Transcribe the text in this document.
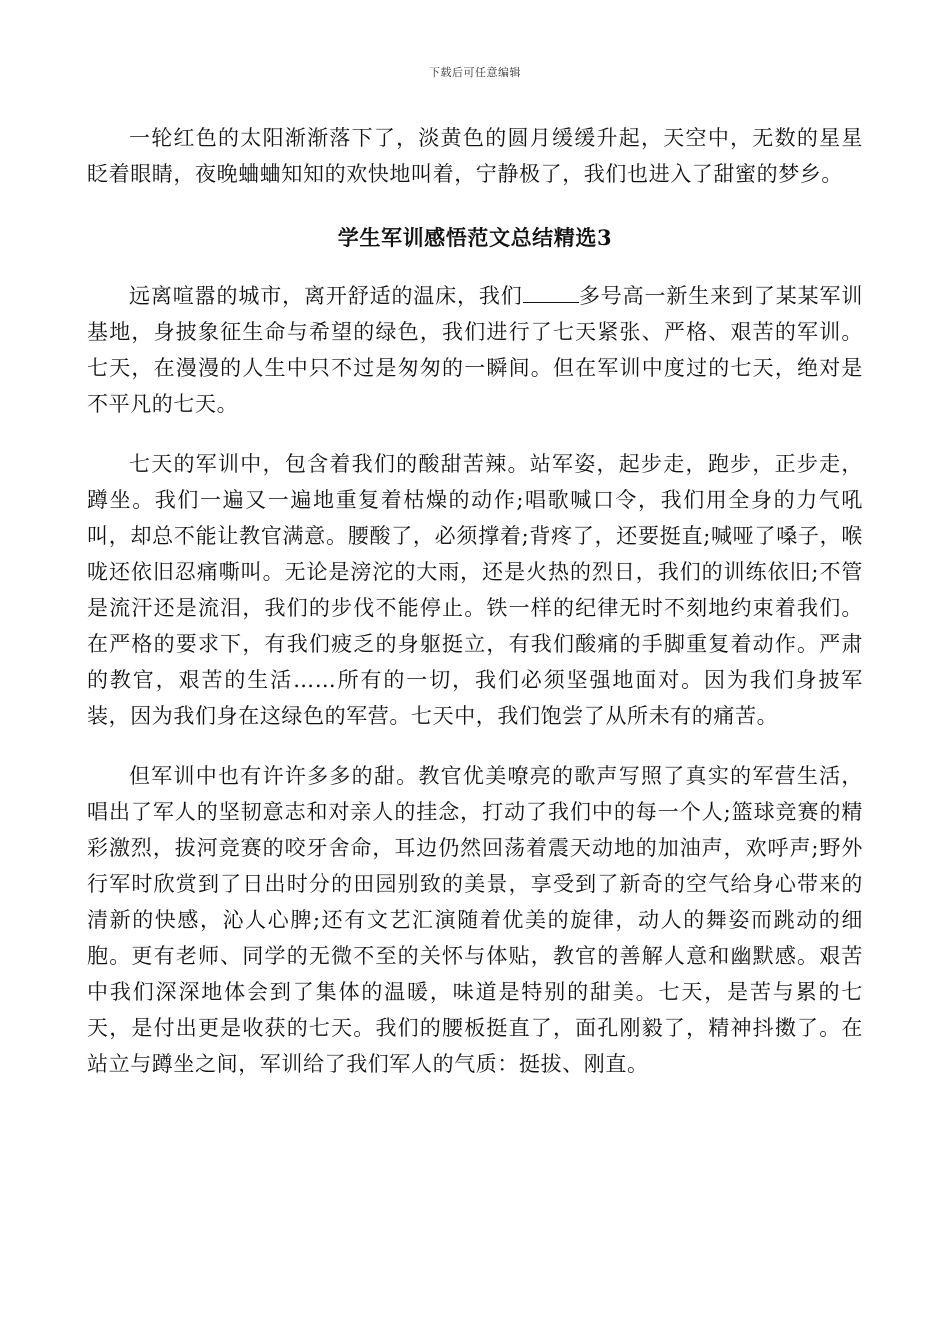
下载后可任意编辑

一轮红色的太阳渐渐落下了，淡黄色的圆月缓缓升起，天空中，无数的星星眨着眼睛，夜晚蛐蛐知知的欢快地叫着，宁静极了，我们也进入了甜蜜的梦乡。

学生军训感悟范文总结精选3

远离喧嚣的城市，离开舒适的温床，我们	多号高一新生来到了某某军训基地，身披象征生命与希望的绿色，我们进行了七天紧张、严格、艰苦的军训。七天，在漫漫的人生中只不过是匆匆的一瞬间。但在军训中度过的七天，绝对是不平凡的七天。

七天的军训中，包含着我们的酸甜苦辣。站军姿，起步走，跑步，正步走，蹲坐。我们一遍又一遍地重复着枯燥的动作;唱歌喊口令，我们用全身的力气吼叫，却总不能让教官满意。腰酸了，必须撑着;背疼了，还要挺直;喊哑了嗓子，喉咙还依旧忍痛嘶叫。无论是滂沱的大雨，还是火热的烈日，我们的训练依旧;不管是流汗还是流泪，我们的步伐不能停止。铁一样的纪律无时不刻地约束着我们。在严格的要求下，有我们疲乏的身躯挺立，有我们酸痛的手脚重复着动作。严肃的教官，艰苦的生活……所有的一切，我们必须坚强地面对。因为我们身披军装，因为我们身在这绿色的军营。七天中，我们饱尝了从所未有的痛苦。

但军训中也有许许多多的甜。教官优美嘹亮的歌声写照了真实的军营生活，唱出了军人的坚韧意志和对亲人的挂念，打动了我们中的每一个人;篮球竞赛的精彩激烈，拔河竞赛的咬牙舍命，耳边仍然回荡着震天动地的加油声，欢呼声;野外行军时欣赏到了日出时分的田园别致的美景，享受到了新奇的空气给身心带来的清新的快感，沁人心脾;还有文艺汇演随着优美的旋律，动人的舞姿而跳动的细胞。更有老师、同学的无微不至的关怀与体贴，教官的善解人意和幽默感。艰苦中我们深深地体会到了集体的温暖，味道是特别的甜美。七天，是苦与累的七天，是付出更是收获的七天。我们的腰板挺直了，面孔刚毅了，精神抖擞了。在站立与蹲坐之间，军训给了我们军人的气质：挺拔、刚直。
